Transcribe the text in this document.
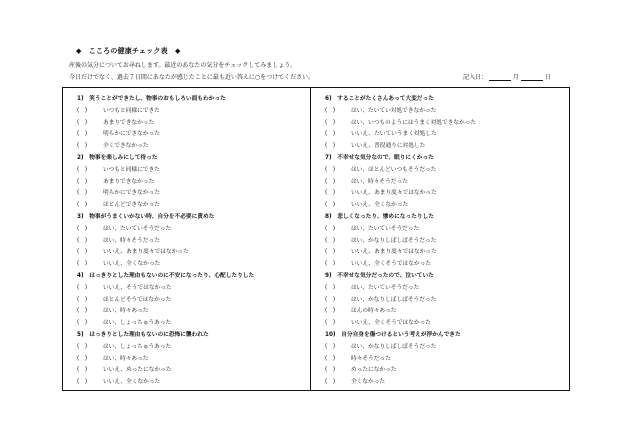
◆　こころの健康チェック表　◆
産後の気分についてお尋ねします。最近のあなたの気分をチェックしてみましょう。
今日だけでなく、過去７日間にあなたが感じたことに最も近い答えに○をつけてください。	記入日：	月	日
1)　笑うことができたし、物事のおもしろい面もわかった
(　)	いつもと同様にできた
(　)	あまりできなかった
(　)	明らかにできなかった
(　)	全くできなかった
2)　物事を楽しみにして待った
(　)	いつもと同様にできた
(　)	あまりできなかった
(　)	明らかにできなかった
(　)	ほとんどできなかった
3)　物事がうまくいかない時、自分を不必要に責めた
(　)	はい、たいていそうだった
(　)	はい、時々そうだった
(　)	いいえ、あまり度々ではなかった
(　)	いいえ、全くなかった
4)　はっきりとした理由もないのに不安になったり、心配したりした
(　)	いいえ、そうではなかった
(　)	ほとんどそうではなかった
(　)	はい、時々あった
(　)	はい、しょっちゅうあった
5)　はっきりとした理由もないのに恐怖に襲われた
(　)	はい、しょっちゅうあった
(　)	はい、時々あった
(　)	いいえ、めったになかった
(　)	いいえ、全くなかった
6)　することがたくさんあって大変だった
(　)	はい、たいてい対処できなかった
(　)	はい、いつものようにはうまく対処できなかった
(　)	いいえ、たいていうまく対処した
(　)	いいえ、普段通りに対処した
7)　不幸せな気分なので、眠りにくかった
(　)	はい、ほとんどいつもそうだった
(　)	はい、時々そうだった
(　)	いいえ、あまり度々ではなかった
(　)	いいえ、全くなかった
8)　悲しくなったり、惨めになったりした
(　)	はい、たいていそうだった
(　)	はい、かなりしばしばそうだった
(　)	いいえ、あまり度々ではなかった
(　)	いいえ、全くそうではなかった
9)　不幸せな気分だったので、泣いていた
(　)	はい、たいていそうだった
(　)	はい、かなりしばしばそうだった
(　)	ほんの時々あった
(　)	いいえ、全くそうではなかった
10)　自分自身を傷つけるという考えが浮かんできた
(　)	はい、かなりしばしばそうだった
(　)	時々そうだった
(　)	めったになかった
(　)	全くなかった
